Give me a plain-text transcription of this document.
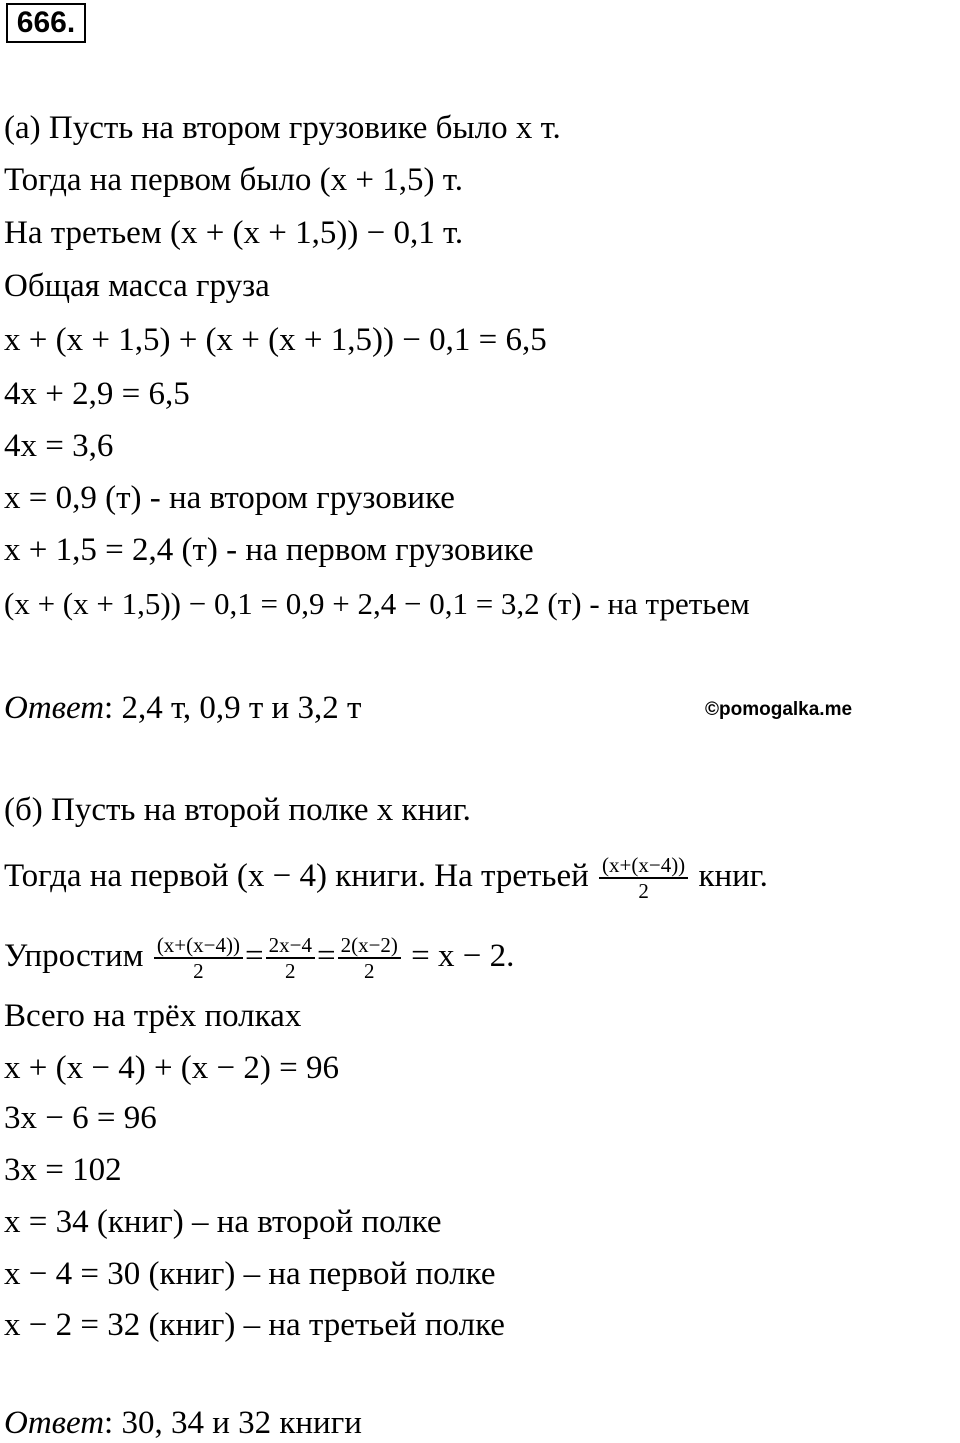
666.
(а) Пусть на втором грузовике было x т.
Тогда на первом было (x + 1,5) т.
На третьем (x + (x + 1,5)) − 0,1 т.
Общая масса груза
x + (x + 1,5) + (x + (x + 1,5)) − 0,1 = 6,5
4x + 2,9 = 6,5
4x = 3,6
x = 0,9 (т) - на втором грузовике
x + 1,5 = 2,4 (т) - на первом грузовике
(x + (x + 1,5)) − 0,1 = 0,9 + 2,4 − 0,1 = 3,2 (т) - на третьем
Ответ: 2,4 т, 0,9 т и 3,2 т	©pomogalka.me
(б) Пусть на второй полке x книг.
Тогда на первой (x − 4) книги. На третьей $\frac{(x+(x-4))}{2}$ книг.
Упростим $\frac{(x+(x-4))}{2} = \frac{2x-4}{2} = \frac{2(x-2)}{2} = x - 2$.
Всего на трёх полках
x + (x − 4) + (x − 2) = 96
3x − 6 = 96
3x = 102
x = 34 (книг) – на второй полке
x − 4 = 30 (книг) – на первой полке
x − 2 = 32 (книг) – на третьей полке
Ответ: 30, 34 и 32 книги
